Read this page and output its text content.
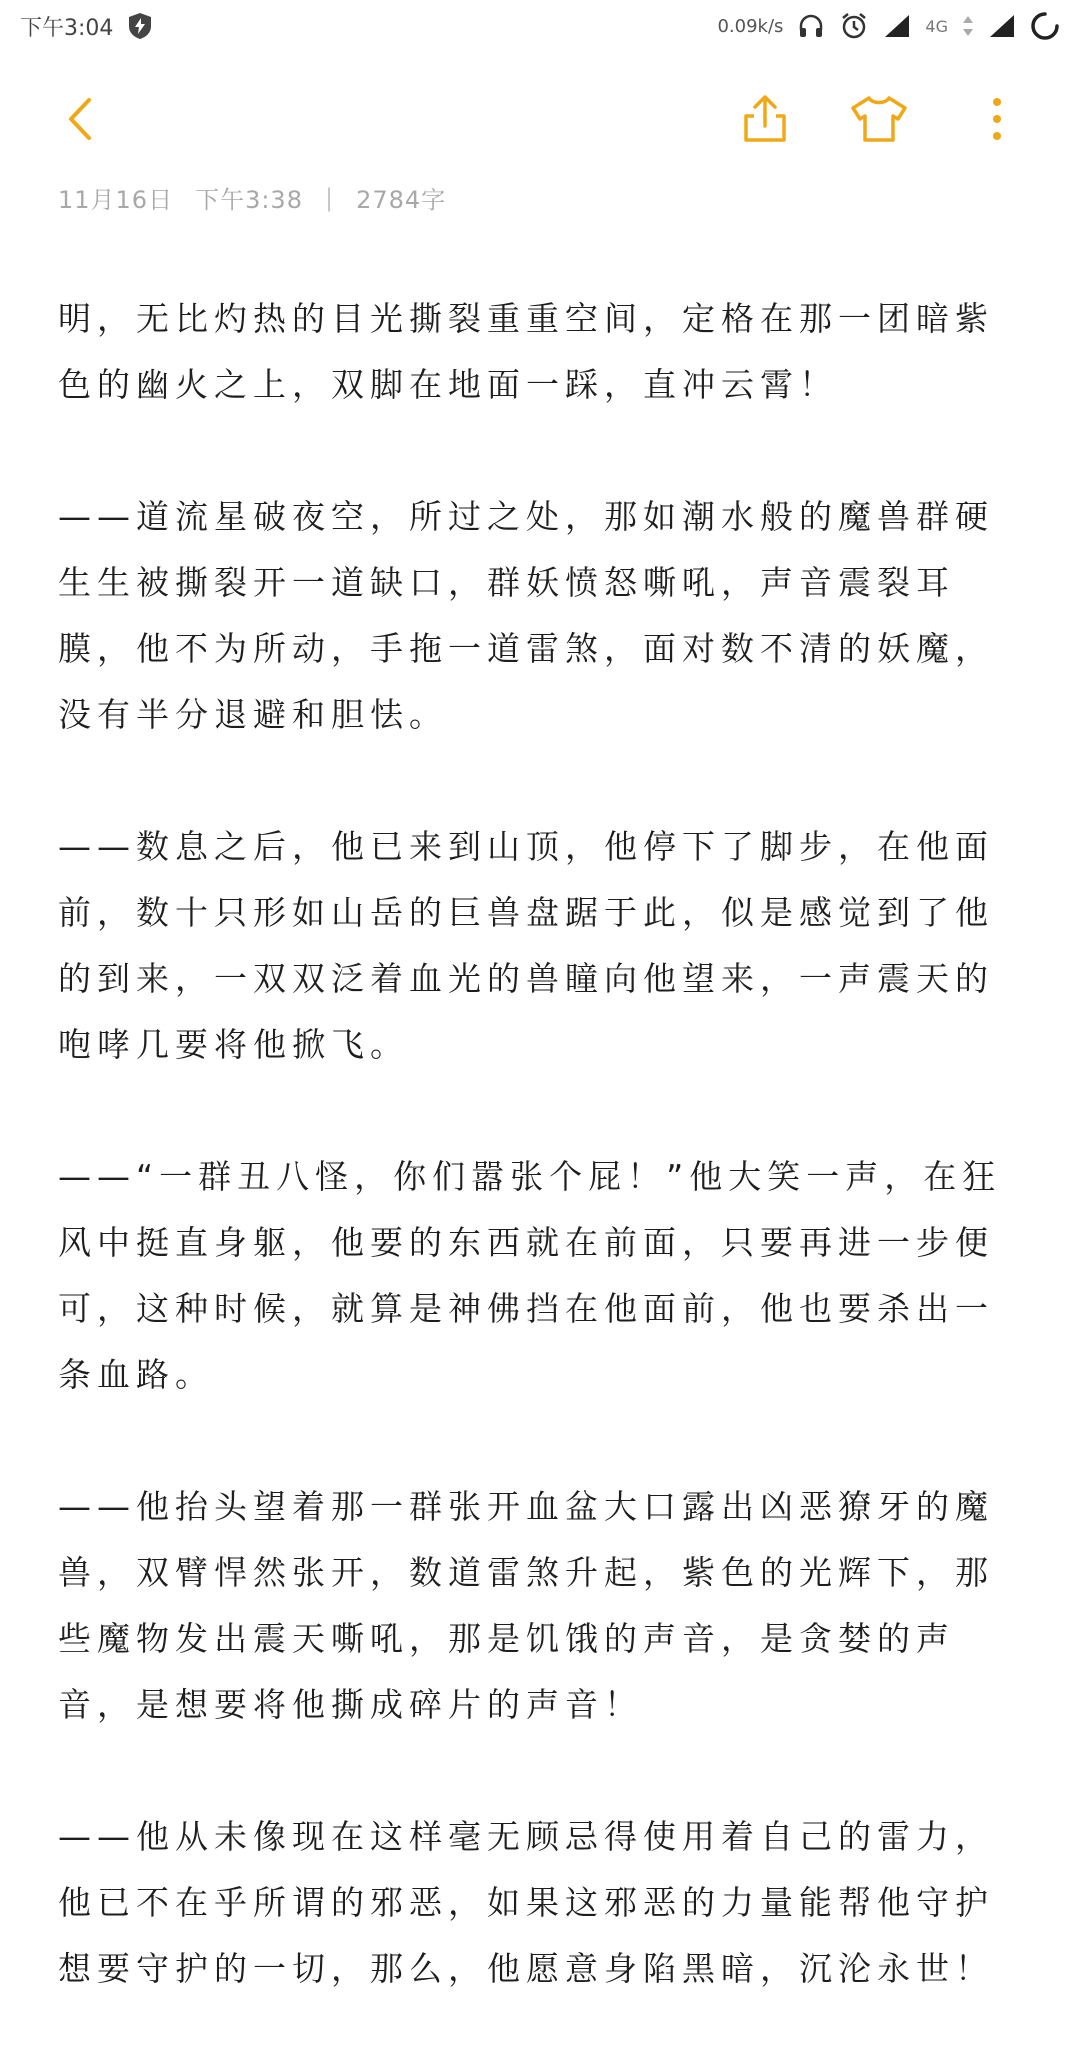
下午3:04	0.09k/s	4G
11月16日 下午3:38 | 2784字

明，无比灼热的目光撕裂重重空间，定格在那一团暗紫色的幽火之上，双脚在地面一踩，直冲云霄！

——道流星破夜空，所过之处，那如潮水般的魔兽群硬生生被撕裂开一道缺口，群妖愤怒嘶吼，声音震裂耳膜，他不为所动，手拖一道雷煞，面对数不清的妖魔，没有半分退避和胆怯。

——数息之后，他已来到山顶，他停下了脚步，在他面前，数十只形如山岳的巨兽盘踞于此，似是感觉到了他的到来，一双双泛着血光的兽瞳向他望来，一声震天的咆哮几要将他掀飞。

——“一群丑八怪，你们嚣张个屁！”他大笑一声，在狂风中挺直身躯，他要的东西就在前面，只要再进一步便可，这种时候，就算是神佛挡在他面前，他也要杀出一条血路。

——他抬头望着那一群张开血盆大口露出凶恶獠牙的魔兽，双臂悍然张开，数道雷煞升起，紫色的光辉下，那些魔物发出震天嘶吼，那是饥饿的声音，是贪婪的声音，是想要将他撕成碎片的声音！

——他从未像现在这样毫无顾忌得使用着自己的雷力，他已不在乎所谓的邪恶，如果这邪恶的力量能帮他守护想要守护的一切，那么，他愿意身陷黑暗，沉沦永世！
